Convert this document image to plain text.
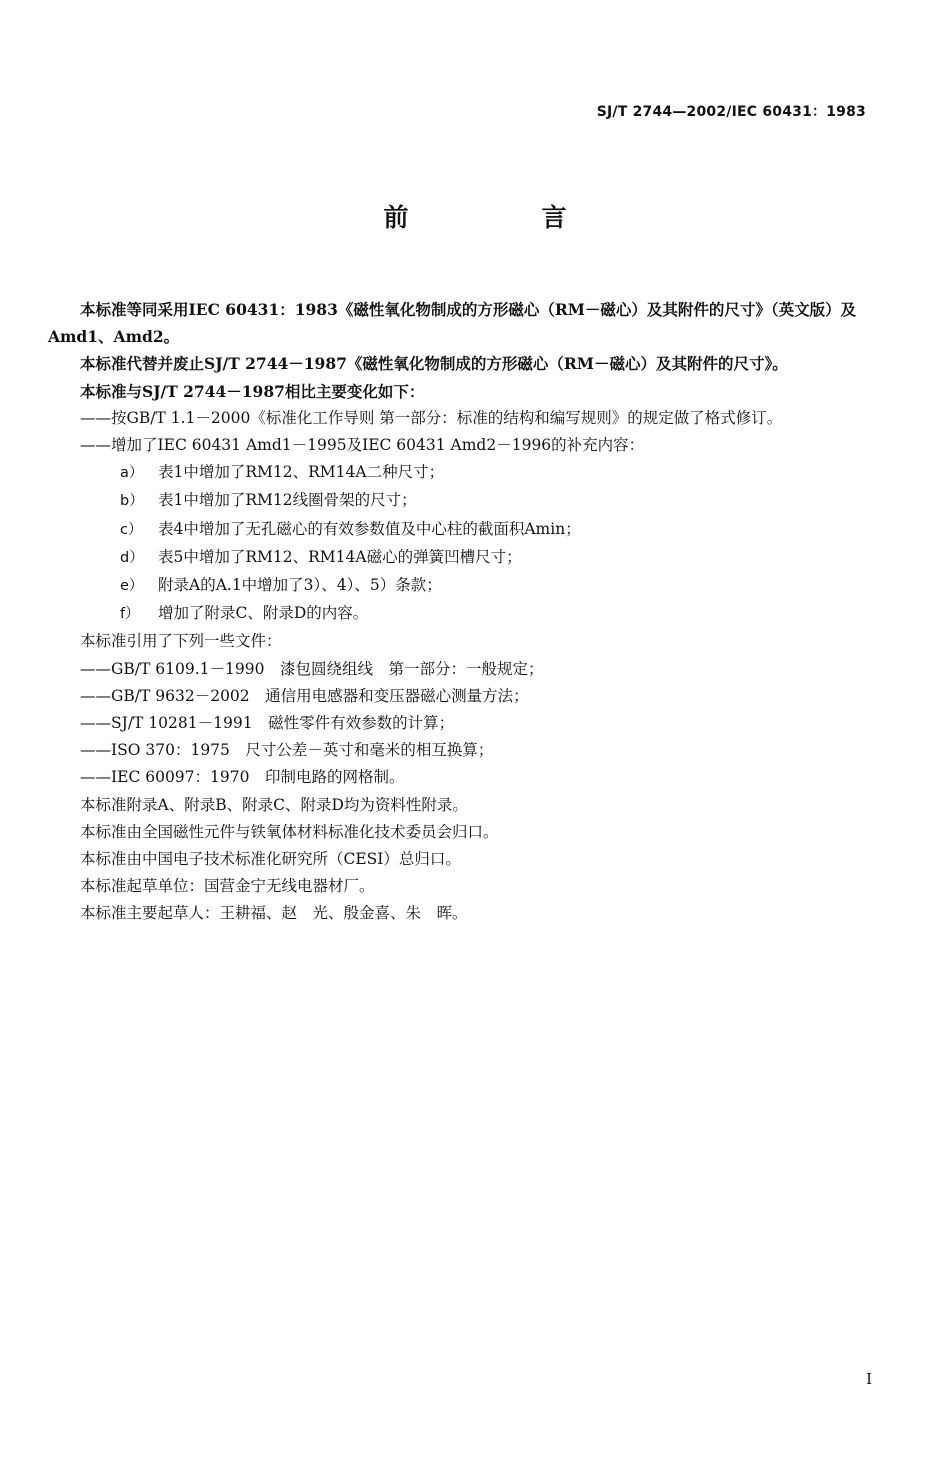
SJ/T 2744—2002/IEC 60431：1983
前　言

本标准等同采用IEC 60431：1983《磁性氧化物制成的方形磁心（RM－磁心）及其附件的尺寸》（英文版）及Amd1、Amd2。

本标准代替并废止SJ/T 2744－1987《磁性氧化物制成的方形磁心（RM－磁心）及其附件的尺寸》。

本标准与SJ/T 2744－1987相比主要变化如下：

——按GB/T 1.1－2000《标准化工作导则 第一部分：标准的结构和编写规则》的规定做了格式修订。

——增加了IEC 60431 Amd1－1995及IEC 60431 Amd2－1996的补充内容：

a） 表1中增加了RM12、RM14A二种尺寸；
b） 表1中增加了RM12线圈骨架的尺寸；
c） 表4中增加了无孔磁心的有效参数值及中心柱的截面积Amin；
d） 表5中增加了RM12、RM14A磁心的弹簧凹槽尺寸；
e） 附录A的A.1中增加了3）、4）、5）条款；
f） 增加了附录C、附录D的内容。

本标准引用了下列一些文件：

——GB/T 6109.1－1990　漆包圆绕组线　第一部分：一般规定；

——GB/T 9632－2002　通信用电感器和变压器磁心测量方法；

——SJ/T 10281－1991　磁性零件有效参数的计算；

——ISO 370：1975　尺寸公差－英寸和毫米的相互换算；

——IEC 60097：1970　印制电路的网格制。

本标准附录A、附录B、附录C、附录D均为资料性附录。

本标准由全国磁性元件与铁氧体材料标准化技术委员会归口。

本标准由中国电子技术标准化研究所（CESI）总归口。

本标准起草单位：国营金宁无线电器材厂。

本标准主要起草人：王耕福、赵　光、殷金喜、朱　晖。

I
